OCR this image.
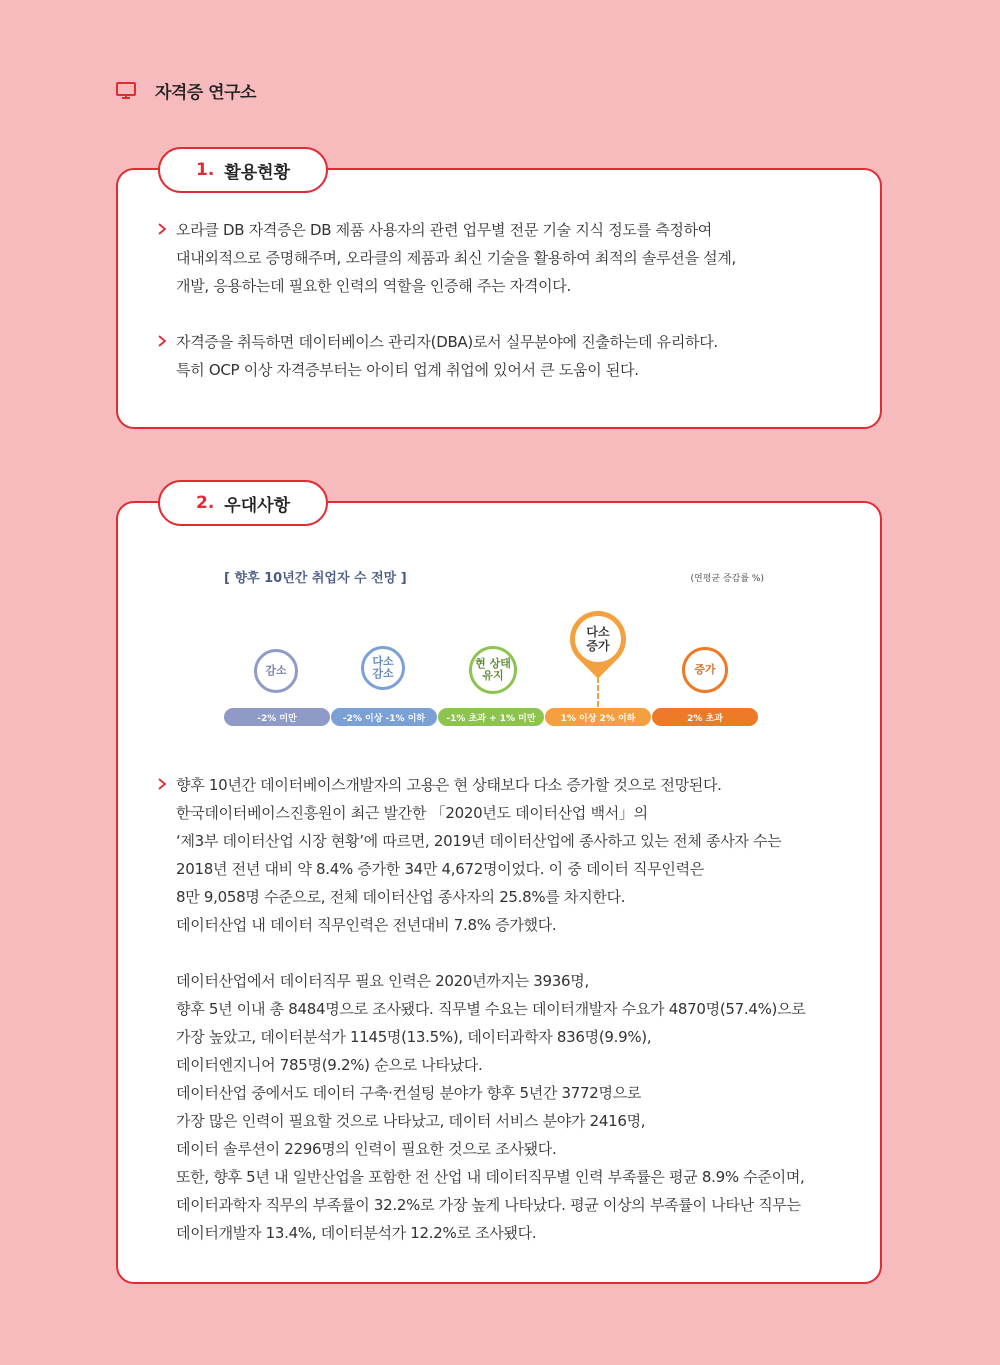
자격증 연구소
1. 활용현황
오라클 DB 자격증은 DB 제품 사용자의 관련 업무별 전문 기술 지식 정도를 측정하여
대내외적으로 증명해주며, 오라클의 제품과 최신 기술을 활용하여 최적의 솔루션을 설계,
개발, 응용하는데 필요한 인력의 역할을 인증해 주는 자격이다.
자격증을 취득하면 데이터베이스 관리자(DBA)로서 실무분야에 진출하는데 유리하다.
특히 OCP 이상 자격증부터는 아이티 업계 취업에 있어서 큰 도움이 된다.
2. 우대사항
[ 향후 10년간 취업자 수 전망 ]	(연평균 증감률 %)
감소
다소
감소
현 상태
유지
다소
증가
증가
-2% 미만	-2% 이상 -1% 이하	-1% 초과 + 1% 미만	1% 이상 2% 이하	2% 초과
향후 10년간 데이터베이스개발자의 고용은 현 상태보다 다소 증가할 것으로 전망된다.
한국데이터베이스진흥원이 최근 발간한 「2020년도 데이터산업 백서」의
‘제3부 데이터산업 시장 현황’에 따르면, 2019년 데이터산업에 종사하고 있는 전체 종사자 수는
2018년 전년 대비 약 8.4% 증가한 34만 4,672명이었다. 이 중 데이터 직무인력은
8만 9,058명 수준으로, 전체 데이터산업 종사자의 25.8%를 차지한다.
데이터산업 내 데이터 직무인력은 전년대비 7.8% 증가했다.
데이터산업에서 데이터직무 필요 인력은 2020년까지는 3936명,
향후 5년 이내 총 8484명으로 조사됐다. 직무별 수요는 데이터개발자 수요가 4870명(57.4%)으로
가장 높았고, 데이터분석가 1145명(13.5%), 데이터과학자 836명(9.9%),
데이터엔지니어 785명(9.2%) 순으로 나타났다.
데이터산업 중에서도 데이터 구축·컨설팅 분야가 향후 5년간 3772명으로
가장 많은 인력이 필요할 것으로 나타났고, 데이터 서비스 분야가 2416명,
데이터 솔루션이 2296명의 인력이 필요한 것으로 조사됐다.
또한, 향후 5년 내 일반산업을 포함한 전 산업 내 데이터직무별 인력 부족률은 평균 8.9% 수준이며,
데이터과학자 직무의 부족률이 32.2%로 가장 높게 나타났다. 평균 이상의 부족률이 나타난 직무는
데이터개발자 13.4%, 데이터분석가 12.2%로 조사됐다.
